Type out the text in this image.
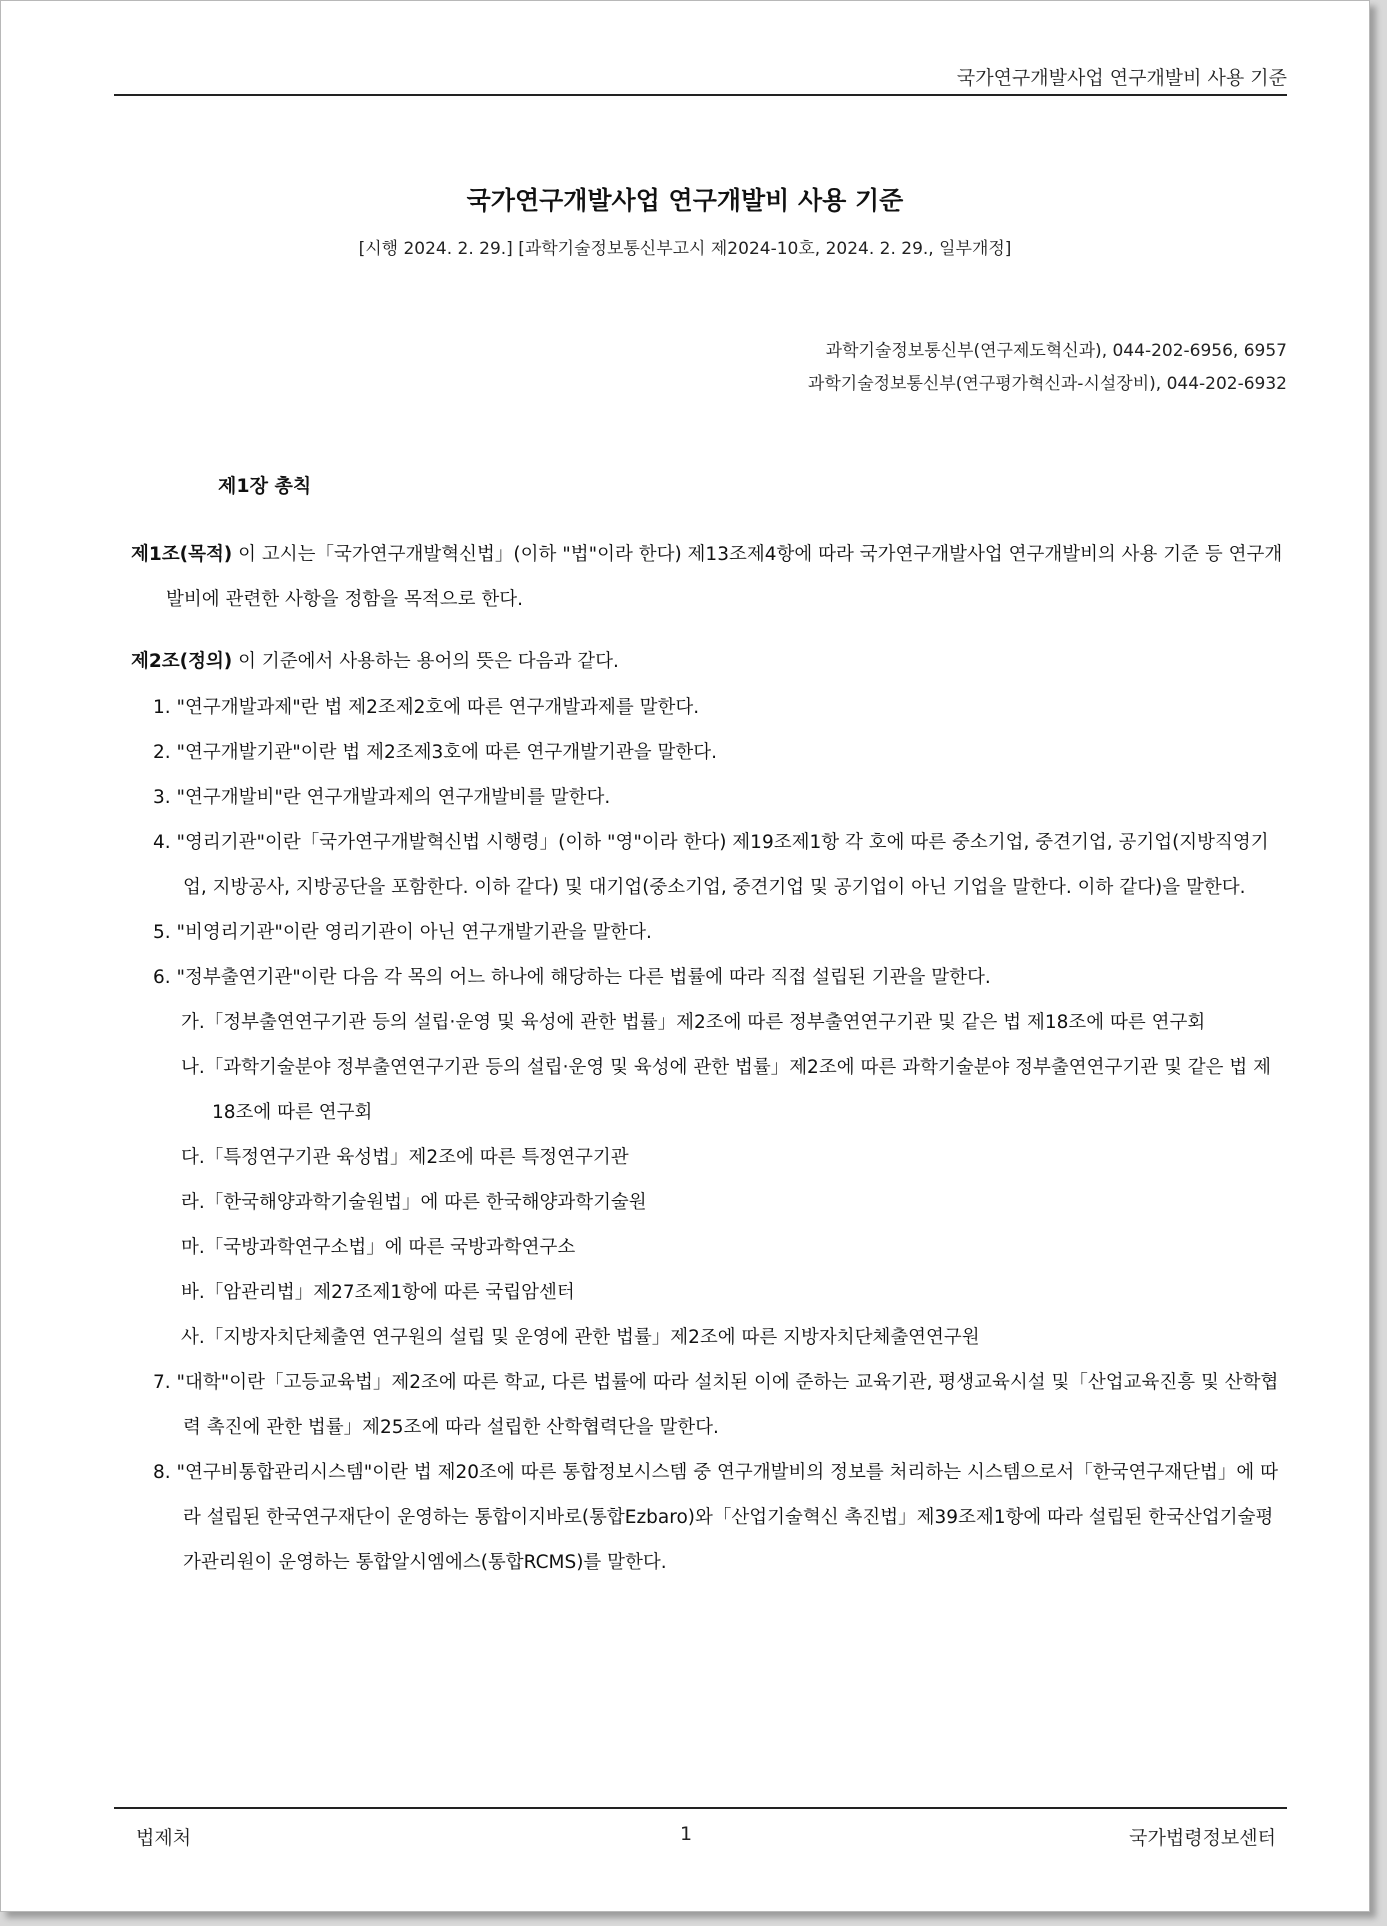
국가연구개발사업 연구개발비 사용 기준
국가연구개발사업 연구개발비 사용 기준
[시행 2024. 2. 29.] [과학기술정보통신부고시 제2024-10호, 2024. 2. 29., 일부개정]
과학기술정보통신부(연구제도혁신과), 044-202-6956, 6957
과학기술정보통신부(연구평가혁신과-시설장비), 044-202-6932
제1장 총칙
제1조(목적) 이 고시는「국가연구개발혁신법」(이하 "법"이라 한다) 제13조제4항에 따라 국가연구개발사업 연구개발비의 사용 기준 등 연구개발비에 관련한 사항을 정함을 목적으로 한다.
제2조(정의) 이 기준에서 사용하는 용어의 뜻은 다음과 같다.
1. "연구개발과제"란 법 제2조제2호에 따른 연구개발과제를 말한다.
2. "연구개발기관"이란 법 제2조제3호에 따른 연구개발기관을 말한다.
3. "연구개발비"란 연구개발과제의 연구개발비를 말한다.
4. "영리기관"이란「국가연구개발혁신법 시행령」(이하 "영"이라 한다) 제19조제1항 각 호에 따른 중소기업, 중견기업, 공기업(지방직영기업, 지방공사, 지방공단을 포함한다. 이하 같다) 및 대기업(중소기업, 중견기업 및 공기업이 아닌 기업을 말한다. 이하 같다)을 말한다.
5. "비영리기관"이란 영리기관이 아닌 연구개발기관을 말한다.
6. "정부출연기관"이란 다음 각 목의 어느 하나에 해당하는 다른 법률에 따라 직접 설립된 기관을 말한다.
가.「정부출연연구기관 등의 설립·운영 및 육성에 관한 법률」제2조에 따른 정부출연연구기관 및 같은 법 제18조에 따른 연구회
나.「과학기술분야 정부출연연구기관 등의 설립·운영 및 육성에 관한 법률」제2조에 따른 과학기술분야 정부출연연구기관 및 같은 법 제18조에 따른 연구회
다.「특정연구기관 육성법」제2조에 따른 특정연구기관
라.「한국해양과학기술원법」에 따른 한국해양과학기술원
마.「국방과학연구소법」에 따른 국방과학연구소
바.「암관리법」제27조제1항에 따른 국립암센터
사.「지방자치단체출연 연구원의 설립 및 운영에 관한 법률」제2조에 따른 지방자치단체출연연구원
7. "대학"이란「고등교육법」제2조에 따른 학교, 다른 법률에 따라 설치된 이에 준하는 교육기관, 평생교육시설 및「산업교육진흥 및 산학협력 촉진에 관한 법률」제25조에 따라 설립한 산학협력단을 말한다.
8. "연구비통합관리시스템"이란 법 제20조에 따른 통합정보시스템 중 연구개발비의 정보를 처리하는 시스템으로서「한국연구재단법」에 따라 설립된 한국연구재단이 운영하는 통합이지바로(통합Ezbaro)와「산업기술혁신 촉진법」제39조제1항에 따라 설립된 한국산업기술평가관리원이 운영하는 통합알시엠에스(통합RCMS)를 말한다.
법제처	1	국가법령정보센터
